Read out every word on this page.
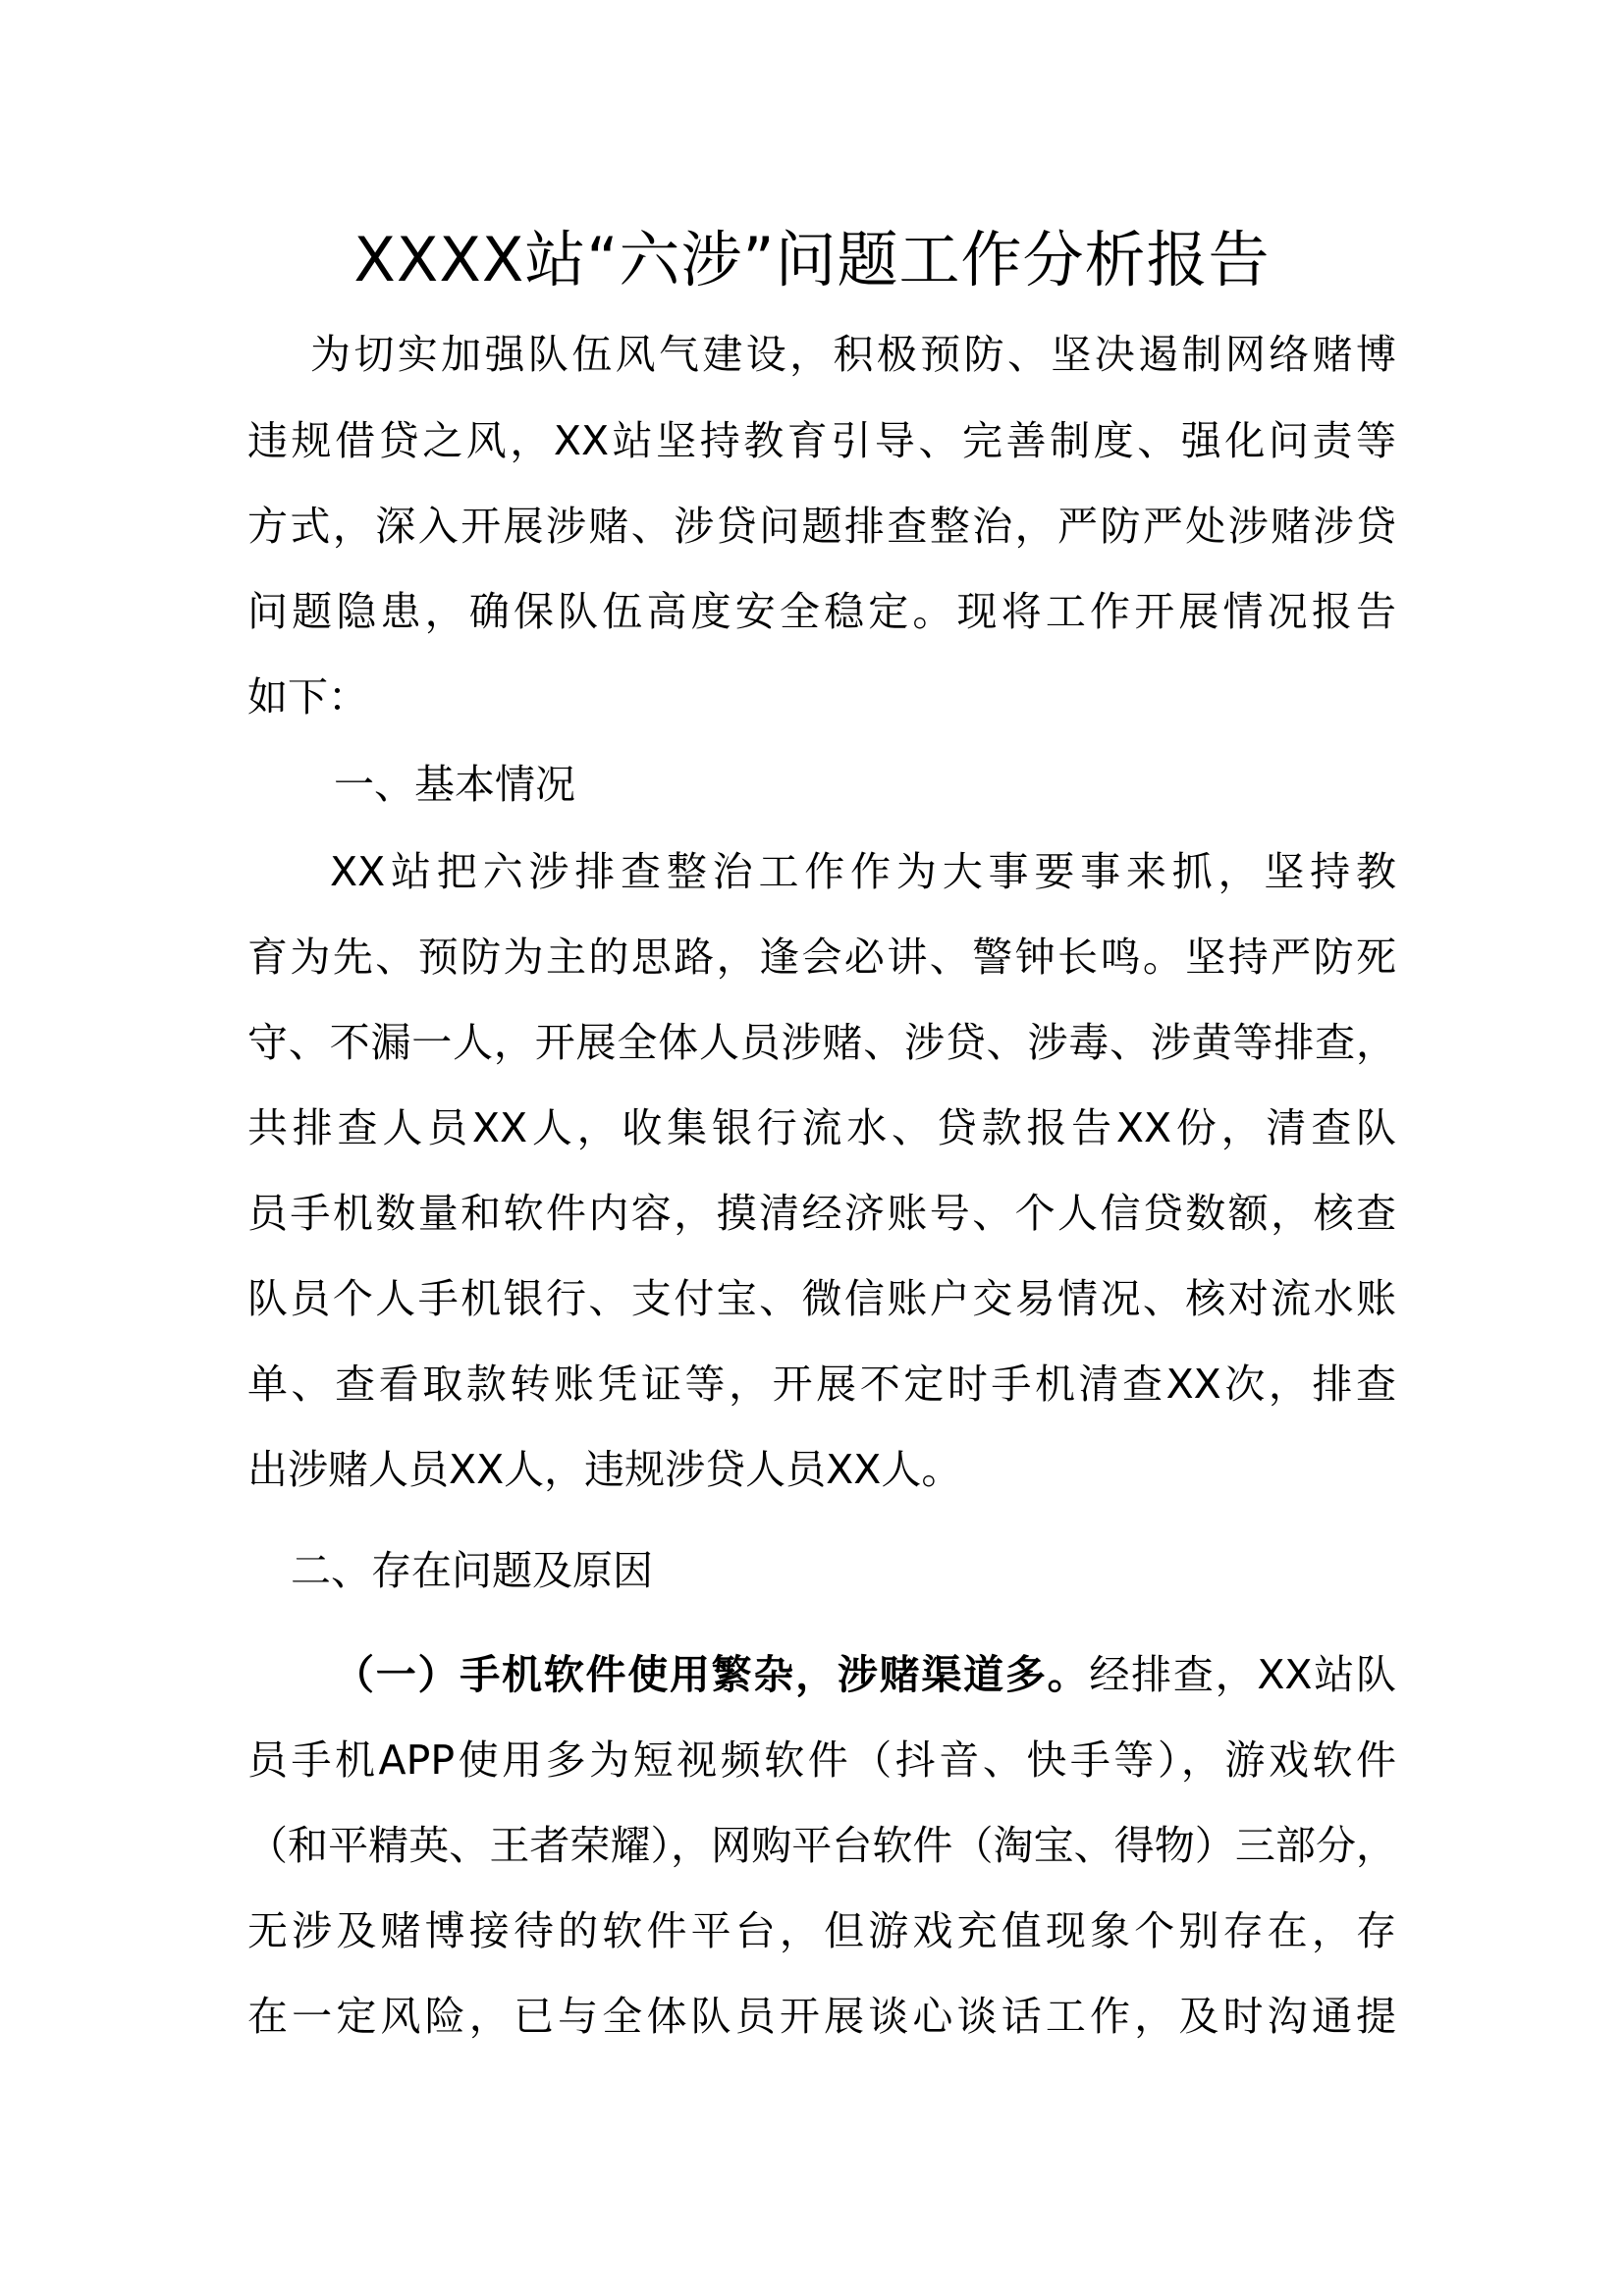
XXXX站“六涉”问题工作分析报告
为切实加强队伍风气建设，积极预防、坚决遏制网络赌博
违规借贷之风，XX站坚持教育引导、完善制度、强化问责等
方式，深入开展涉赌、涉贷问题排查整治，严防严处涉赌涉贷
问题隐患，确保队伍高度安全稳定。现将工作开展情况报告
如下：
一、基本情况
XX站把六涉排查整治工作作为大事要事来抓，坚持教
育为先、预防为主的思路，逢会必讲、警钟长鸣。坚持严防死
守、不漏一人，开展全体人员涉赌、涉贷、涉毒、涉黄等排查，
共排查人员XX人，收集银行流水、贷款报告XX份，清查队
员手机数量和软件内容，摸清经济账号、个人信贷数额，核查
队员个人手机银行、支付宝、微信账户交易情况、核对流水账
单、查看取款转账凭证等，开展不定时手机清查XX次，排查
出涉赌人员XX人，违规涉贷人员XX人。
二、存在问题及原因
（一）手机软件使用繁杂，涉赌渠道多。经排查，XX站队
员手机APP使用多为短视频软件（抖音、快手等），游戏软件
（和平精英、王者荣耀），网购平台软件（淘宝、得物）三部分，
无涉及赌博接待的软件平台，但游戏充值现象个别存在，存
在一定风险，已与全体队员开展谈心谈话工作，及时沟通提
